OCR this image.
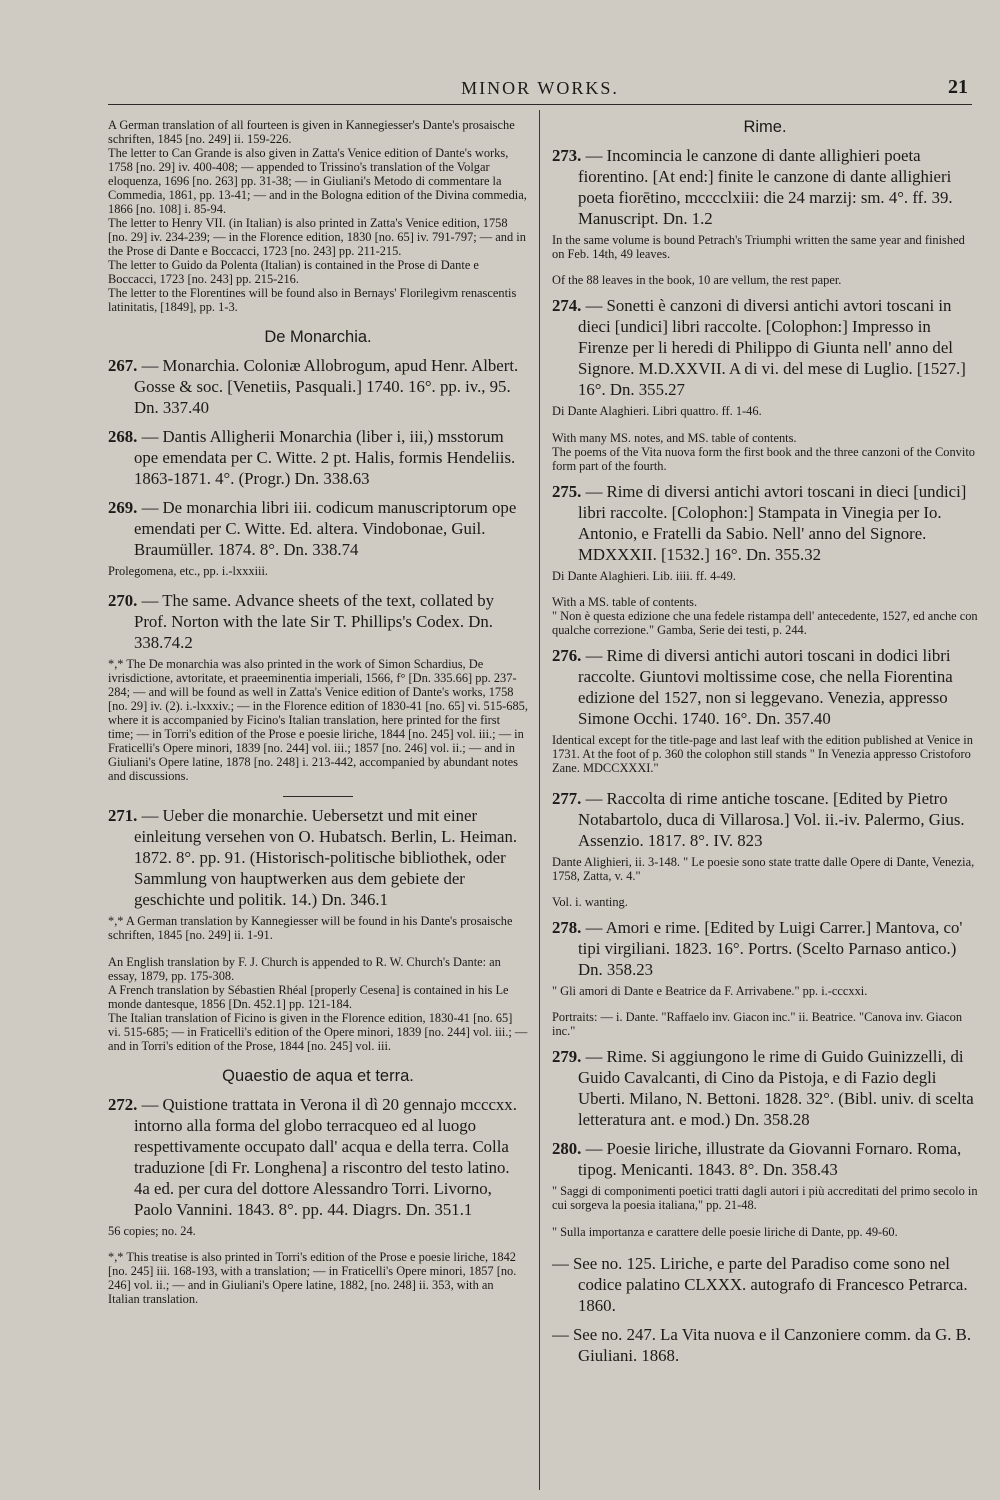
MINOR WORKS.	21

A German translation of all fourteen is given in Kannegiesser's Dante's prosaische schriften, 1845 [no. 249] ii. 159-226.

The letter to Can Grande is also given in Zatta's Venice edition of Dante's works, 1758 [no. 29] iv. 400-408; — appended to Trissino's translation of the Volgar eloquenza, 1696 [no. 263] pp. 31-38; — in Giuliani's Metodo di commentare la Commedia, 1861, pp. 13-41; — and in the Bologna edition of the Divina commedia, 1866 [no. 108] i. 85-94.

The letter to Henry VII. (in Italian) is also printed in Zatta's Venice edition, 1758 [no. 29] iv. 234-239; — in the Florence edition, 1830 [no. 65] iv. 791-797; — and in the Prose di Dante e Boccacci, 1723 [no. 243] pp. 211-215.

The letter to Guido da Polenta (Italian) is contained in the Prose di Dante e Boccacci, 1723 [no. 243] pp. 215-216.

The letter to the Florentines will be found also in Bernays' Florilegivm renascentis latinitatis, [1849], pp. 1-3.

De Monarchia.
267. — Monarchia. Coloniæ Allobrogum, apud Henr. Albert. Gosse & soc. [Venetiis, Pasquali.] 1740. 16°. pp. iv., 95. Dn. 337.40
268. — Dantis Alligherii Monarchia (liber i, iii,) msstorum ope emendata per C. Witte. 2 pt. Halis, formis Hendeliis. 1863-1871. 4°. (Progr.) Dn. 338.63
269. — De monarchia libri iii. codicum manuscriptorum ope emendati per C. Witte. Ed. altera. Vindobonae, Guil. Braumüller. 1874. 8°. Dn. 338.74

Prolegomena, etc., pp. i.-lxxxiii.

270. — The same. Advance sheets of the text, collated by Prof. Norton with the late Sir T. Phillips's Codex. Dn. 338.74.2

*,* The De monarchia was also printed in the work of Simon Schardius, De ivrisdictione, avtoritate, et praeeminentia imperiali, 1566, f° [Dn. 335.66] pp. 237-284; — and will be found as well in Zatta's Venice edition of Dante's works, 1758 [no. 29] iv. (2). i.-lxxxiv.; — in the Florence edition of 1830-41 [no. 65] vi. 515-685, where it is accompanied by Ficino's Italian translation, here printed for the first time; — in Torri's edition of the Prose e poesie liriche, 1844 [no. 245] vol. iii.; — in Fraticelli's Opere minori, 1839 [no. 244] vol. iii.; 1857 [no. 246] vol. ii.; — and in Giuliani's Opere latine, 1878 [no. 248] i. 213-442, accompanied by abundant notes and discussions.

271. — Ueber die monarchie. Uebersetzt und mit einer einleitung versehen von O. Hubatsch. Berlin, L. Heiman. 1872. 8°. pp. 91. (Historisch-politische bibliothek, oder Sammlung von hauptwerken aus dem gebiete der geschichte und politik. 14.) Dn. 346.1

*,* A German translation by Kannegiesser will be found in his Dante's prosaische schriften, 1845 [no. 249] ii. 1-91.

An English translation by F. J. Church is appended to R. W. Church's Dante: an essay, 1879, pp. 175-308.

A French translation by Sébastien Rhéal [properly Cesena] is contained in his Le monde dantesque, 1856 [Dn. 452.1] pp. 121-184.

The Italian translation of Ficino is given in the Florence edition, 1830-41 [no. 65] vi. 515-685; — in Fraticelli's edition of the Opere minori, 1839 [no. 244] vol. iii.; — and in Torri's edition of the Prose, 1844 [no. 245] vol. iii.

Quaestio de aqua et terra.
272. — Quistione trattata in Verona il dì 20 gennajo mcccxx. intorno alla forma del globo terracqueo ed al luogo respettivamente occupato dall' acqua e della terra. Colla traduzione [di Fr. Longhena] a riscontro del testo latino. 4a ed. per cura del dottore Alessandro Torri. Livorno, Paolo Vannini. 1843. 8°. pp. 44. Diagrs. Dn. 351.1

56 copies; no. 24.

*,* This treatise is also printed in Torri's edition of the Prose e poesie liriche, 1842 [no. 245] iii. 168-193, with a translation; — in Fraticelli's Opere minori, 1857 [no. 246] vol. ii.; — and in Giuliani's Opere latine, 1882, [no. 248] ii. 353, with an Italian translation.

Rime.
273. — Incomincia le canzone di dante allighieri poeta fiorentino. [At end:] finite le canzone di dante allighieri poeta fiorētino, mcccclxiii: die 24 marzij: sm. 4°. ff. 39. Manuscript. Dn. 1.2

In the same volume is bound Petrach's Triumphi written the same year and finished on Feb. 14th, 49 leaves.

Of the 88 leaves in the book, 10 are vellum, the rest paper.

274. — Sonetti è canzoni di diversi antichi avtori toscani in dieci [undici] libri raccolte. [Colophon:] Impresso in Firenze per li heredi di Philippo di Giunta nell' anno del Signore. M.D.XXVII. A di vi. del mese di Luglio. [1527.] 16°. Dn. 355.27

Di Dante Alaghieri. Libri quattro. ff. 1-46.

With many MS. notes, and MS. table of contents.

The poems of the Vita nuova form the first book and the three canzoni of the Convito form part of the fourth.

275. — Rime di diversi antichi avtori toscani in dieci [undici] libri raccolte. [Colophon:] Stampata in Vinegia per Io. Antonio, e Fratelli da Sabio. Nell' anno del Signore. MDXXXII. [1532.] 16°. Dn. 355.32

Di Dante Alaghieri. Lib. iiii. ff. 4-49.

With a MS. table of contents.

" Non è questa edizione che una fedele ristampa dell' antecedente, 1527, ed anche con qualche correzione." Gamba, Serie dei testi, p. 244.

276. — Rime di diversi antichi autori toscani in dodici libri raccolte. Giuntovi moltissime cose, che nella Fiorentina edizione del 1527, non si leggevano. Venezia, appresso Simone Occhi. 1740. 16°. Dn. 357.40

Identical except for the title-page and last leaf with the edition published at Venice in 1731. At the foot of p. 360 the colophon still stands " In Venezia appresso Cristoforo Zane. MDCCXXXI."

277. — Raccolta di rime antiche toscane. [Edited by Pietro Notabartolo, duca di Villarosa.] Vol. ii.-iv. Palermo, Gius. Assenzio. 1817. 8°. IV. 823

Dante Alighieri, ii. 3-148. " Le poesie sono state tratte dalle Opere di Dante, Venezia, 1758, Zatta, v. 4."

Vol. i. wanting.

278. — Amori e rime. [Edited by Luigi Carrer.] Mantova, co' tipi virgiliani. 1823. 16°. Portrs. (Scelto Parnaso antico.) Dn. 358.23

" Gli amori di Dante e Beatrice da F. Arrivabene." pp. i.-cccxxi.

Portraits: — i. Dante. "Raffaelo inv. Giacon inc." ii. Beatrice. "Canova inv. Giacon inc."

279. — Rime. Si aggiungono le rime di Guido Guinizzelli, di Guido Cavalcanti, di Cino da Pistoja, e di Fazio degli Uberti. Milano, N. Bettoni. 1828. 32°. (Bibl. univ. di scelta letteratura ant. e mod.) Dn. 358.28
280. — Poesie liriche, illustrate da Giovanni Fornaro. Roma, tipog. Menicanti. 1843. 8°. Dn. 358.43

" Saggi di componimenti poetici tratti dagli autori i più accreditati del primo secolo in cui sorgeva la poesia italiana," pp. 21-48.

" Sulla importanza e carattere delle poesie liriche di Dante, pp. 49-60.

— See no. 125. Liriche, e parte del Paradiso come sono nel codice palatino CLXXX. autografo di Francesco Petrarca. 1860.
— See no. 247. La Vita nuova e il Canzoniere comm. da G. B. Giuliani. 1868.
